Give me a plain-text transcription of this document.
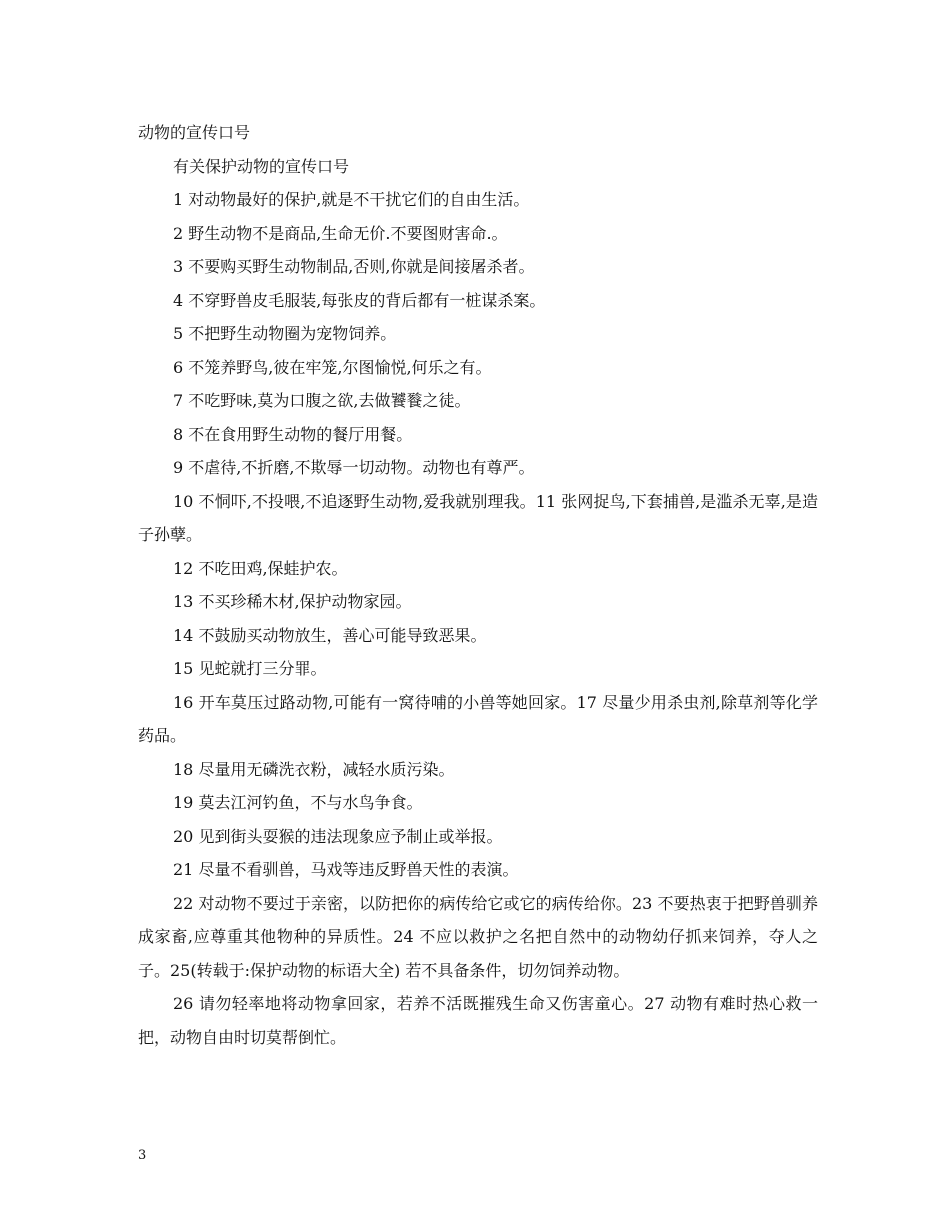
动物的宣传口号

有关保护动物的宣传口号

1 对动物最好的保护,就是不干扰它们的自由生活。

2 野生动物不是商品,生命无价.不要图财害命.。

3 不要购买野生动物制品,否则,你就是间接屠杀者。

4 不穿野兽皮毛服装,每张皮的背后都有一桩谋杀案。

5 不把野生动物圈为宠物饲养。

6 不笼养野鸟,彼在牢笼,尔图愉悦,何乐之有。

7 不吃野味,莫为口腹之欲,去做饕餮之徒。

8 不在食用野生动物的餐厅用餐。

9 不虐待,不折磨,不欺辱一切动物。动物也有尊严。

10 不恫吓,不投喂,不追逐野生动物,爱我就别理我。11 张网捉鸟,下套捕兽,是滥杀无辜,是造子孙孽。

12 不吃田鸡,保蛙护农。

13 不买珍稀木材,保护动物家园。

14 不鼓励买动物放生，善心可能导致恶果。

15 见蛇就打三分罪。

16 开车莫压过路动物,可能有一窝待哺的小兽等她回家。17 尽量少用杀虫剂,除草剂等化学药品。

18 尽量用无磷洗衣粉，减轻水质污染。

19 莫去江河钓鱼，不与水鸟争食。

20 见到街头耍猴的违法现象应予制止或举报。

21 尽量不看驯兽，马戏等违反野兽天性的表演。

22 对动物不要过于亲密，以防把你的病传给它或它的病传给你。23 不要热衷于把野兽驯养成家畜,应尊重其他物种的异质性。24 不应以救护之名把自然中的动物幼仔抓来饲养，夺人之子。25(转载于:保护动物的标语大全) 若不具备条件，切勿饲养动物。

26 请勿轻率地将动物拿回家，若养不活既摧残生命又伤害童心。27 动物有难时热心救一把，动物自由时切莫帮倒忙。

3
